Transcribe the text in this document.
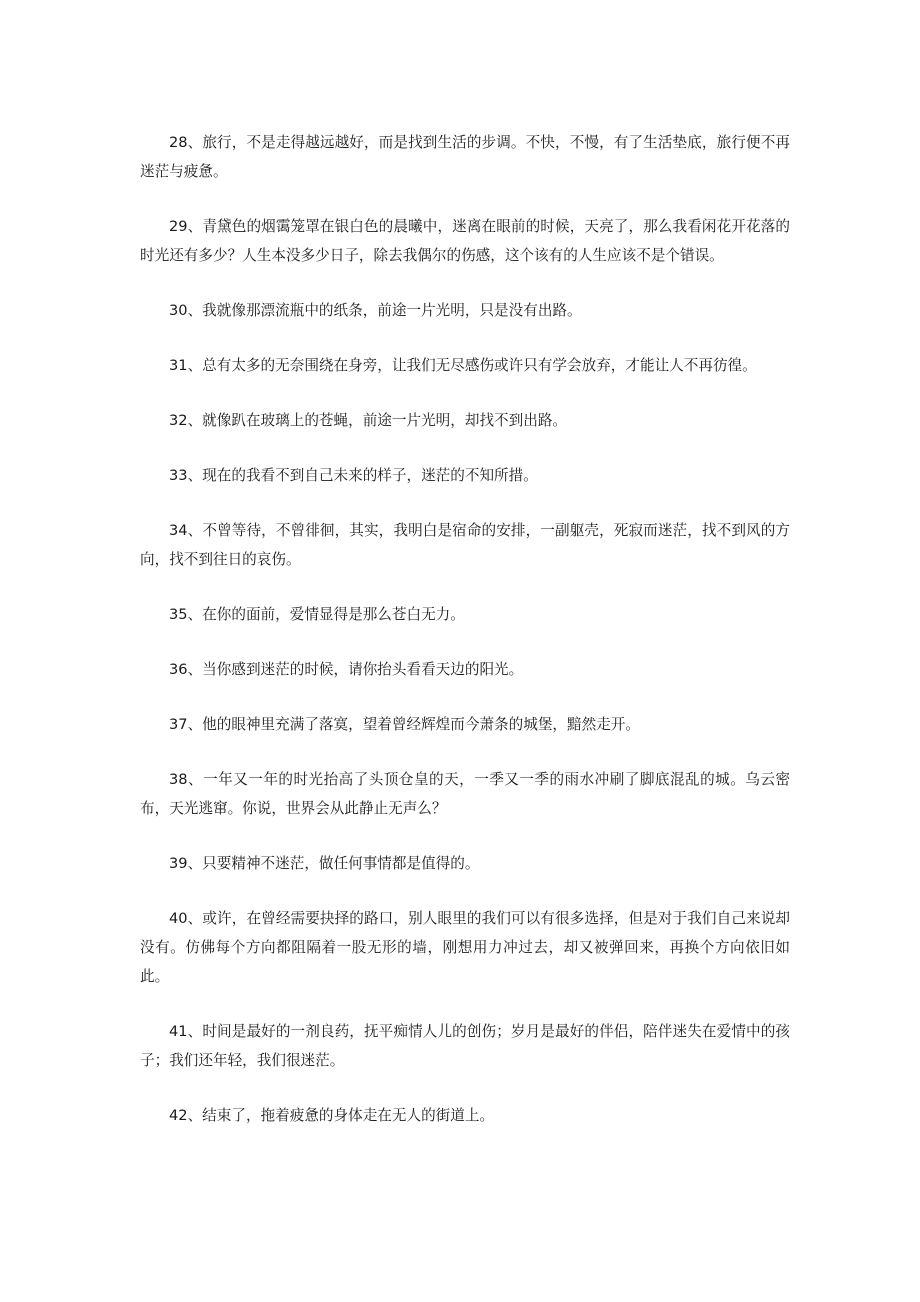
28、旅行，不是走得越远越好，而是找到生活的步调。不快，不慢，有了生活垫底，旅行便不再迷茫与疲惫。

29、青黛色的烟霭笼罩在银白色的晨曦中，迷离在眼前的时候，天亮了，那么我看闲花开花落的时光还有多少？人生本没多少日子，除去我偶尔的伤感，这个该有的人生应该不是个错误。

30、我就像那漂流瓶中的纸条，前途一片光明，只是没有出路。

31、总有太多的无奈围绕在身旁，让我们无尽感伤或许只有学会放弃，才能让人不再彷徨。

32、就像趴在玻璃上的苍蝇，前途一片光明，却找不到出路。

33、现在的我看不到自己未来的样子，迷茫的不知所措。

34、不曾等待，不曾徘徊，其实，我明白是宿命的安排，一副躯壳，死寂而迷茫，找不到风的方向，找不到往日的哀伤。

35、在你的面前，爱情显得是那么苍白无力。

36、当你感到迷茫的时候，请你抬头看看天边的阳光。

37、他的眼神里充满了落寞，望着曾经辉煌而今萧条的城堡，黯然走开。

38、一年又一年的时光抬高了头顶仓皇的天，一季又一季的雨水冲刷了脚底混乱的城。乌云密布，天光逃窜。你说，世界会从此静止无声么？

39、只要精神不迷茫，做任何事情都是值得的。

40、或许，在曾经需要抉择的路口，别人眼里的我们可以有很多选择，但是对于我们自己来说却没有。仿佛每个方向都阻隔着一股无形的墙，刚想用力冲过去，却又被弹回来，再换个方向依旧如此。

41、时间是最好的一剂良药，抚平痴情人儿的创伤；岁月是最好的伴侣，陪伴迷失在爱情中的孩子；我们还年轻，我们很迷茫。

42、结束了，拖着疲惫的身体走在无人的街道上。
